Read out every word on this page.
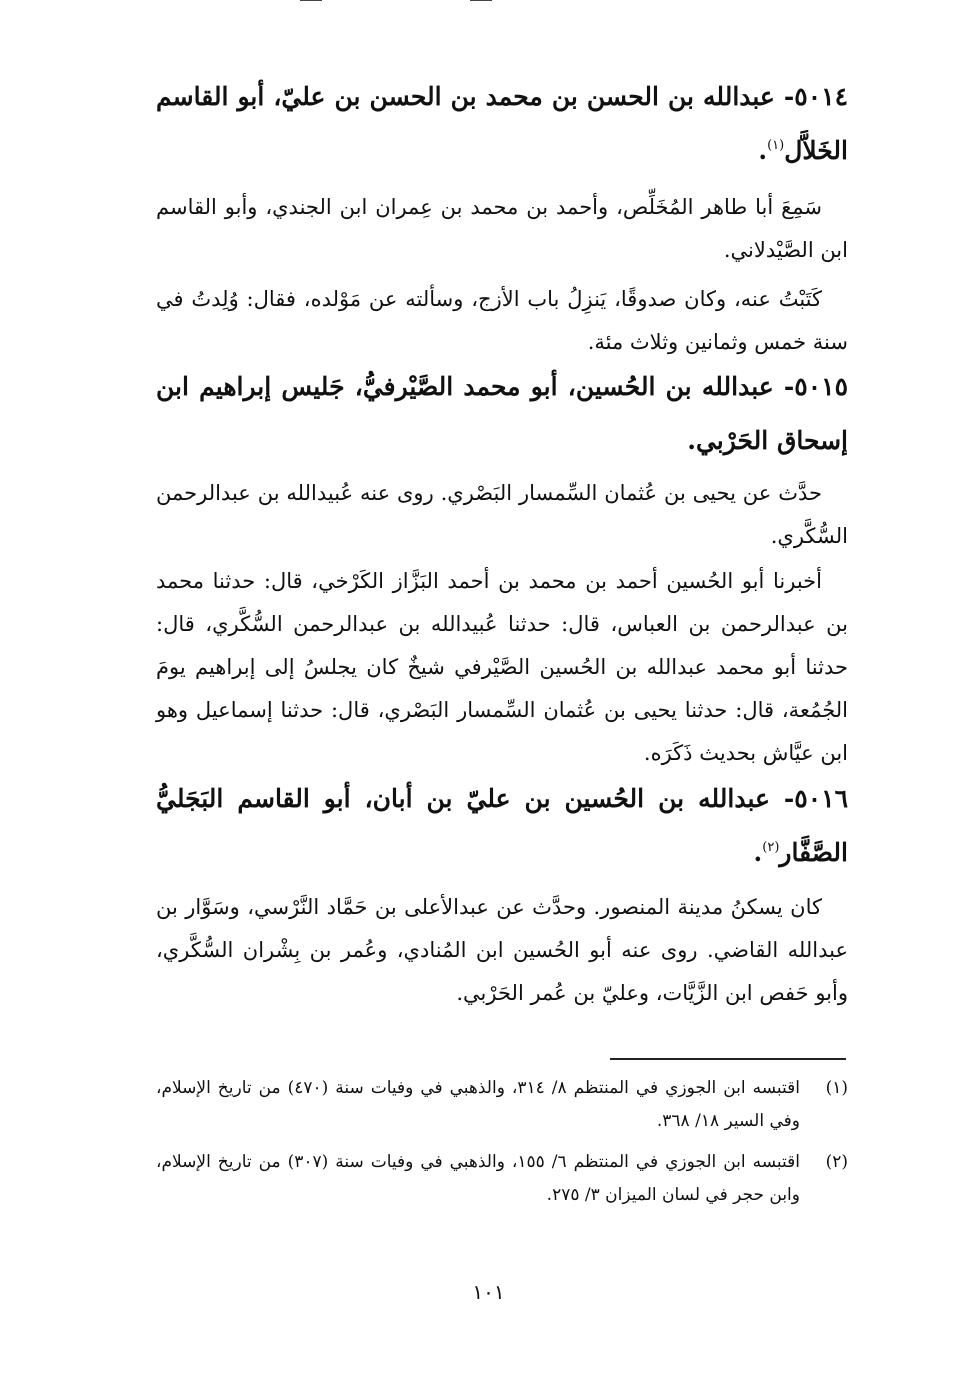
٥٠١٤- عبدالله بن الحسن بن محمد بن الحسن بن عليّ، أبو القاسم الخَلاَّل$^{(١)}$.
سَمِعَ أبا طاهر المُخَلِّص، وأحمد بن محمد بن عِمران ابن الجندي، وأبو القاسم ابن الصَّيْدلاني.
كَتَبْتُ عنه، وكان صدوقًا، يَنزِلُ باب الأزج، وسألته عن مَوْلده، فقال: وُلِدتُ في سنة خمس وثمانين وثلاث مئة.
٥٠١٥- عبدالله بن الحُسين، أبو محمد الصَّيْرفيُّ، جَليس إبراهيم ابن إسحاق الحَرْبي.
حدَّث عن يحيى بن عُثمان السِّمسار البَصْري. روى عنه عُبيدالله بن عبدالرحمن السُّكَّري.
أخبرنا أبو الحُسين أحمد بن محمد بن أحمد البَزَّاز الكَرْخي، قال: حدثنا محمد بن عبدالرحمن بن العباس، قال: حدثنا عُبيدالله بن عبدالرحمن السُّكَّري، قال: حدثنا أبو محمد عبدالله بن الحُسين الصَّيْرفي شيخٌ كان يجلسُ إلى إبراهيم يومَ الجُمُعة، قال: حدثنا يحيى بن عُثمان السِّمسار البَصْري، قال: حدثنا إسماعيل وهو ابن عيَّاش بحديث ذَكَرَه.
٥٠١٦- عبدالله بن الحُسين بن عليّ بن أبان، أبو القاسم البَجَليُّ الصَّفَّار$^{(٢)}$.
كان يسكنُ مدينة المنصور. وحدَّث عن عبدالأعلى بن حَمَّاد النَّرْسي، وسَوَّار بن عبدالله القاضي. روى عنه أبو الحُسين ابن المُنادي، وعُمر بن بِشْران السُّكَّري، وأبو حَفص ابن الزَّيَّات، وعليّ بن عُمر الحَرْبي.
(١)
اقتبسه ابن الجوزي في المنتظم ٨/ ٣١٤، والذهبي في وفيات سنة (٤٧٠) من تاريخ الإسلام، وفي السير ١٨/ ٣٦٨.
(٢)
اقتبسه ابن الجوزي في المنتظم ٦/ ١٥٥، والذهبي في وفيات سنة (٣٠٧) من تاريخ الإسلام، وابن حجر في لسان الميزان ٣/ ٢٧٥.
١٠١
